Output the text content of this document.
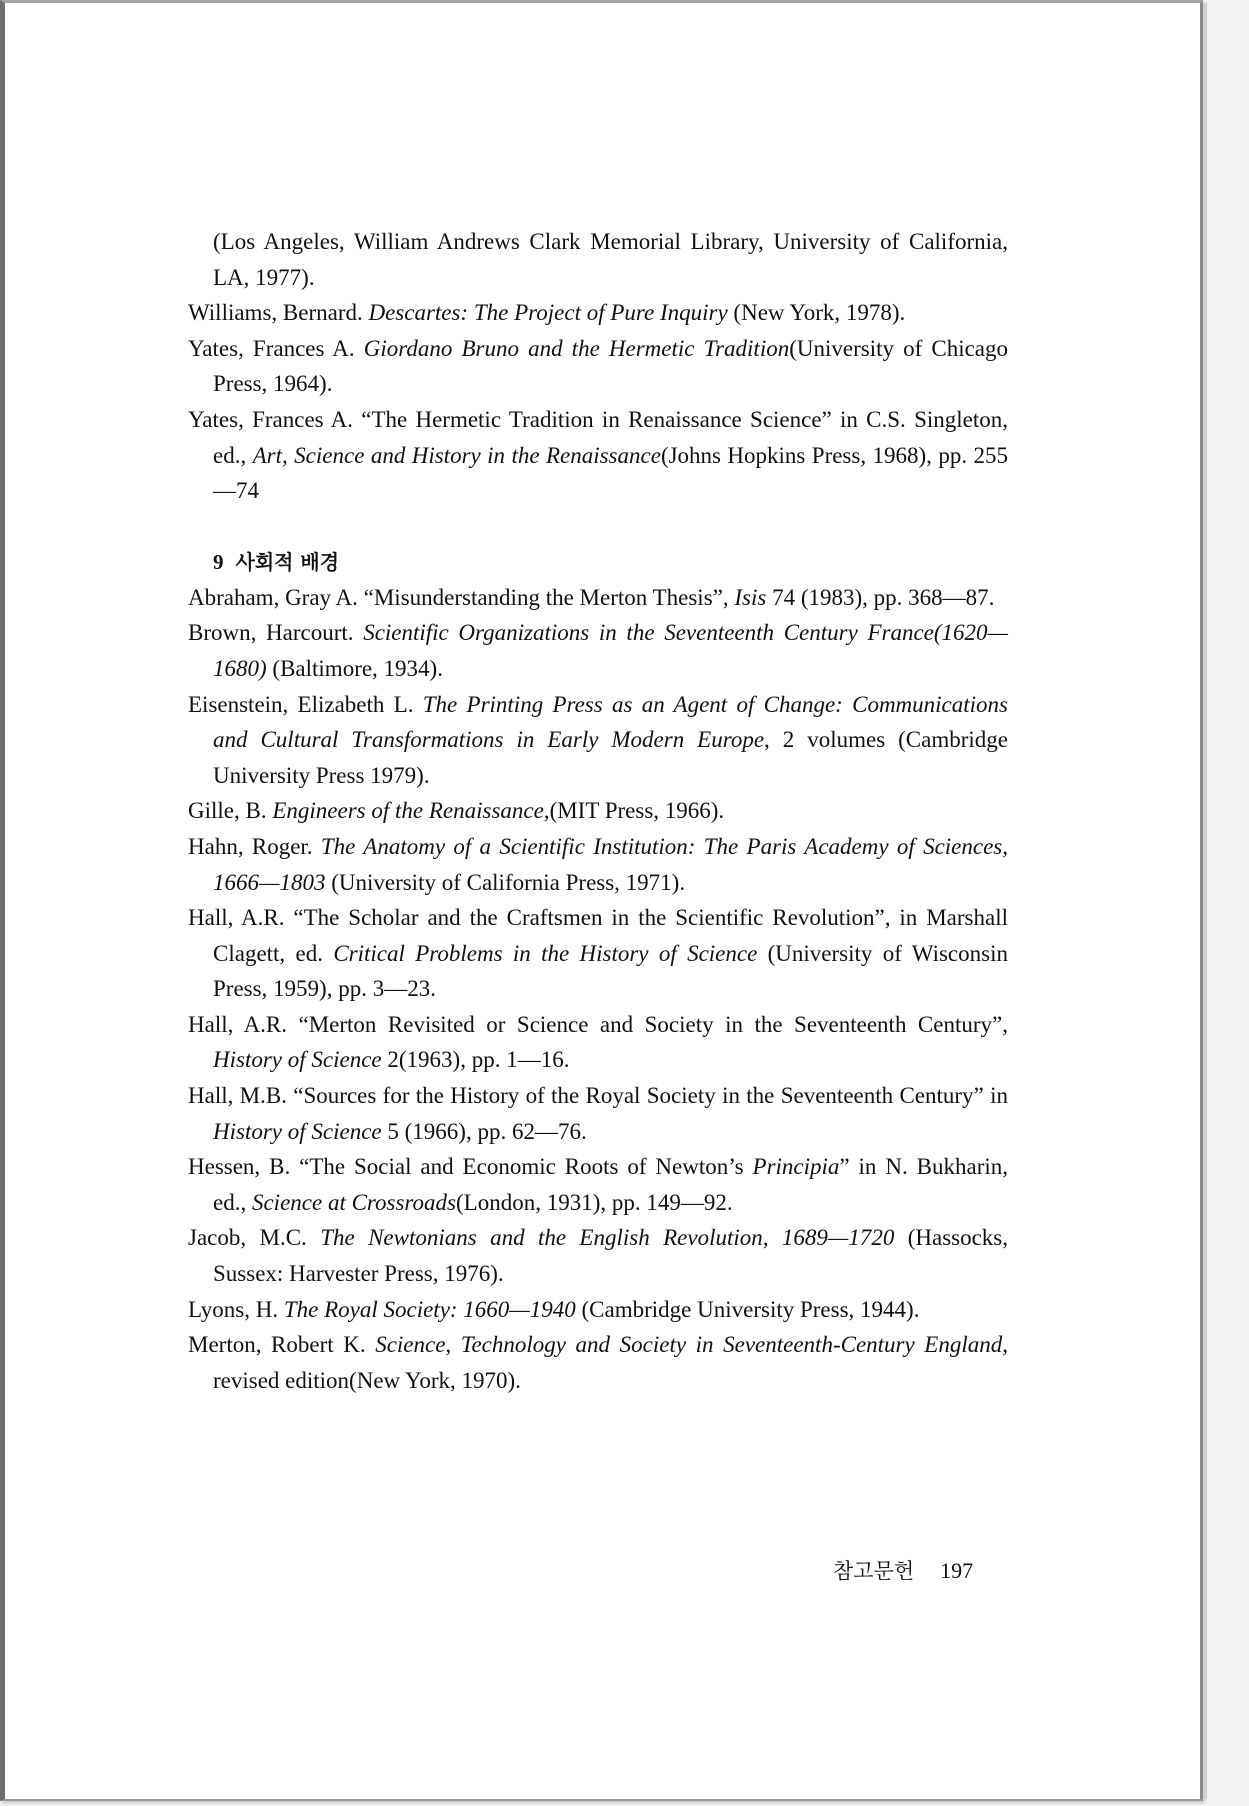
(Los Angeles, William Andrews Clark Memorial Library, University of California, LA, 1977).

Williams, Bernard. Descartes: The Project of Pure Inquiry (New York, 1978).

Yates, Frances A. Giordano Bruno and the Hermetic Tradition(University of Chicago Press, 1964).

Yates, Frances A. “The Hermetic Tradition in Renaissance Science” in C.S. Singleton, ed., Art, Science and History in the Renaissance(Johns Hopkins Press, 1968), pp. 255—74

9 사회적 배경

Abraham, Gray A. “Misunderstanding the Merton Thesis”, Isis 74 (1983), pp. 368—87.

Brown, Harcourt. Scientific Organizations in the Seventeenth Century France(1620—1680) (Baltimore, 1934).

Eisenstein, Elizabeth L. The Printing Press as an Agent of Change: Communications and Cultural Transformations in Early Modern Europe, 2 volumes (Cambridge University Press 1979).

Gille, B. Engineers of the Renaissance,(MIT Press, 1966).

Hahn, Roger. The Anatomy of a Scientific Institution: The Paris Academy of Sciences, 1666—1803 (University of California Press, 1971).

Hall, A.R. “The Scholar and the Craftsmen in the Scientific Revolution”, in Marshall Clagett, ed. Critical Problems in the History of Science (University of Wisconsin Press, 1959), pp. 3—23.

Hall, A.R. “Merton Revisited or Science and Society in the Seventeenth Century”, History of Science 2(1963), pp. 1—16.

Hall, M.B. “Sources for the History of the Royal Society in the Seventeenth Century” in History of Science 5 (1966), pp. 62—76.

Hessen, B. “The Social and Economic Roots of Newton’s Principia” in N. Bukharin, ed., Science at Crossroads(London, 1931), pp. 149—92.

Jacob, M.C. The Newtonians and the English Revolution, 1689—1720 (Hassocks, Sussex: Harvester Press, 1976).

Lyons, H. The Royal Society: 1660—1940 (Cambridge University Press, 1944).

Merton, Robert K. Science, Technology and Society in Seventeenth-Century England, revised edition(New York, 1970).

참고문헌 197
